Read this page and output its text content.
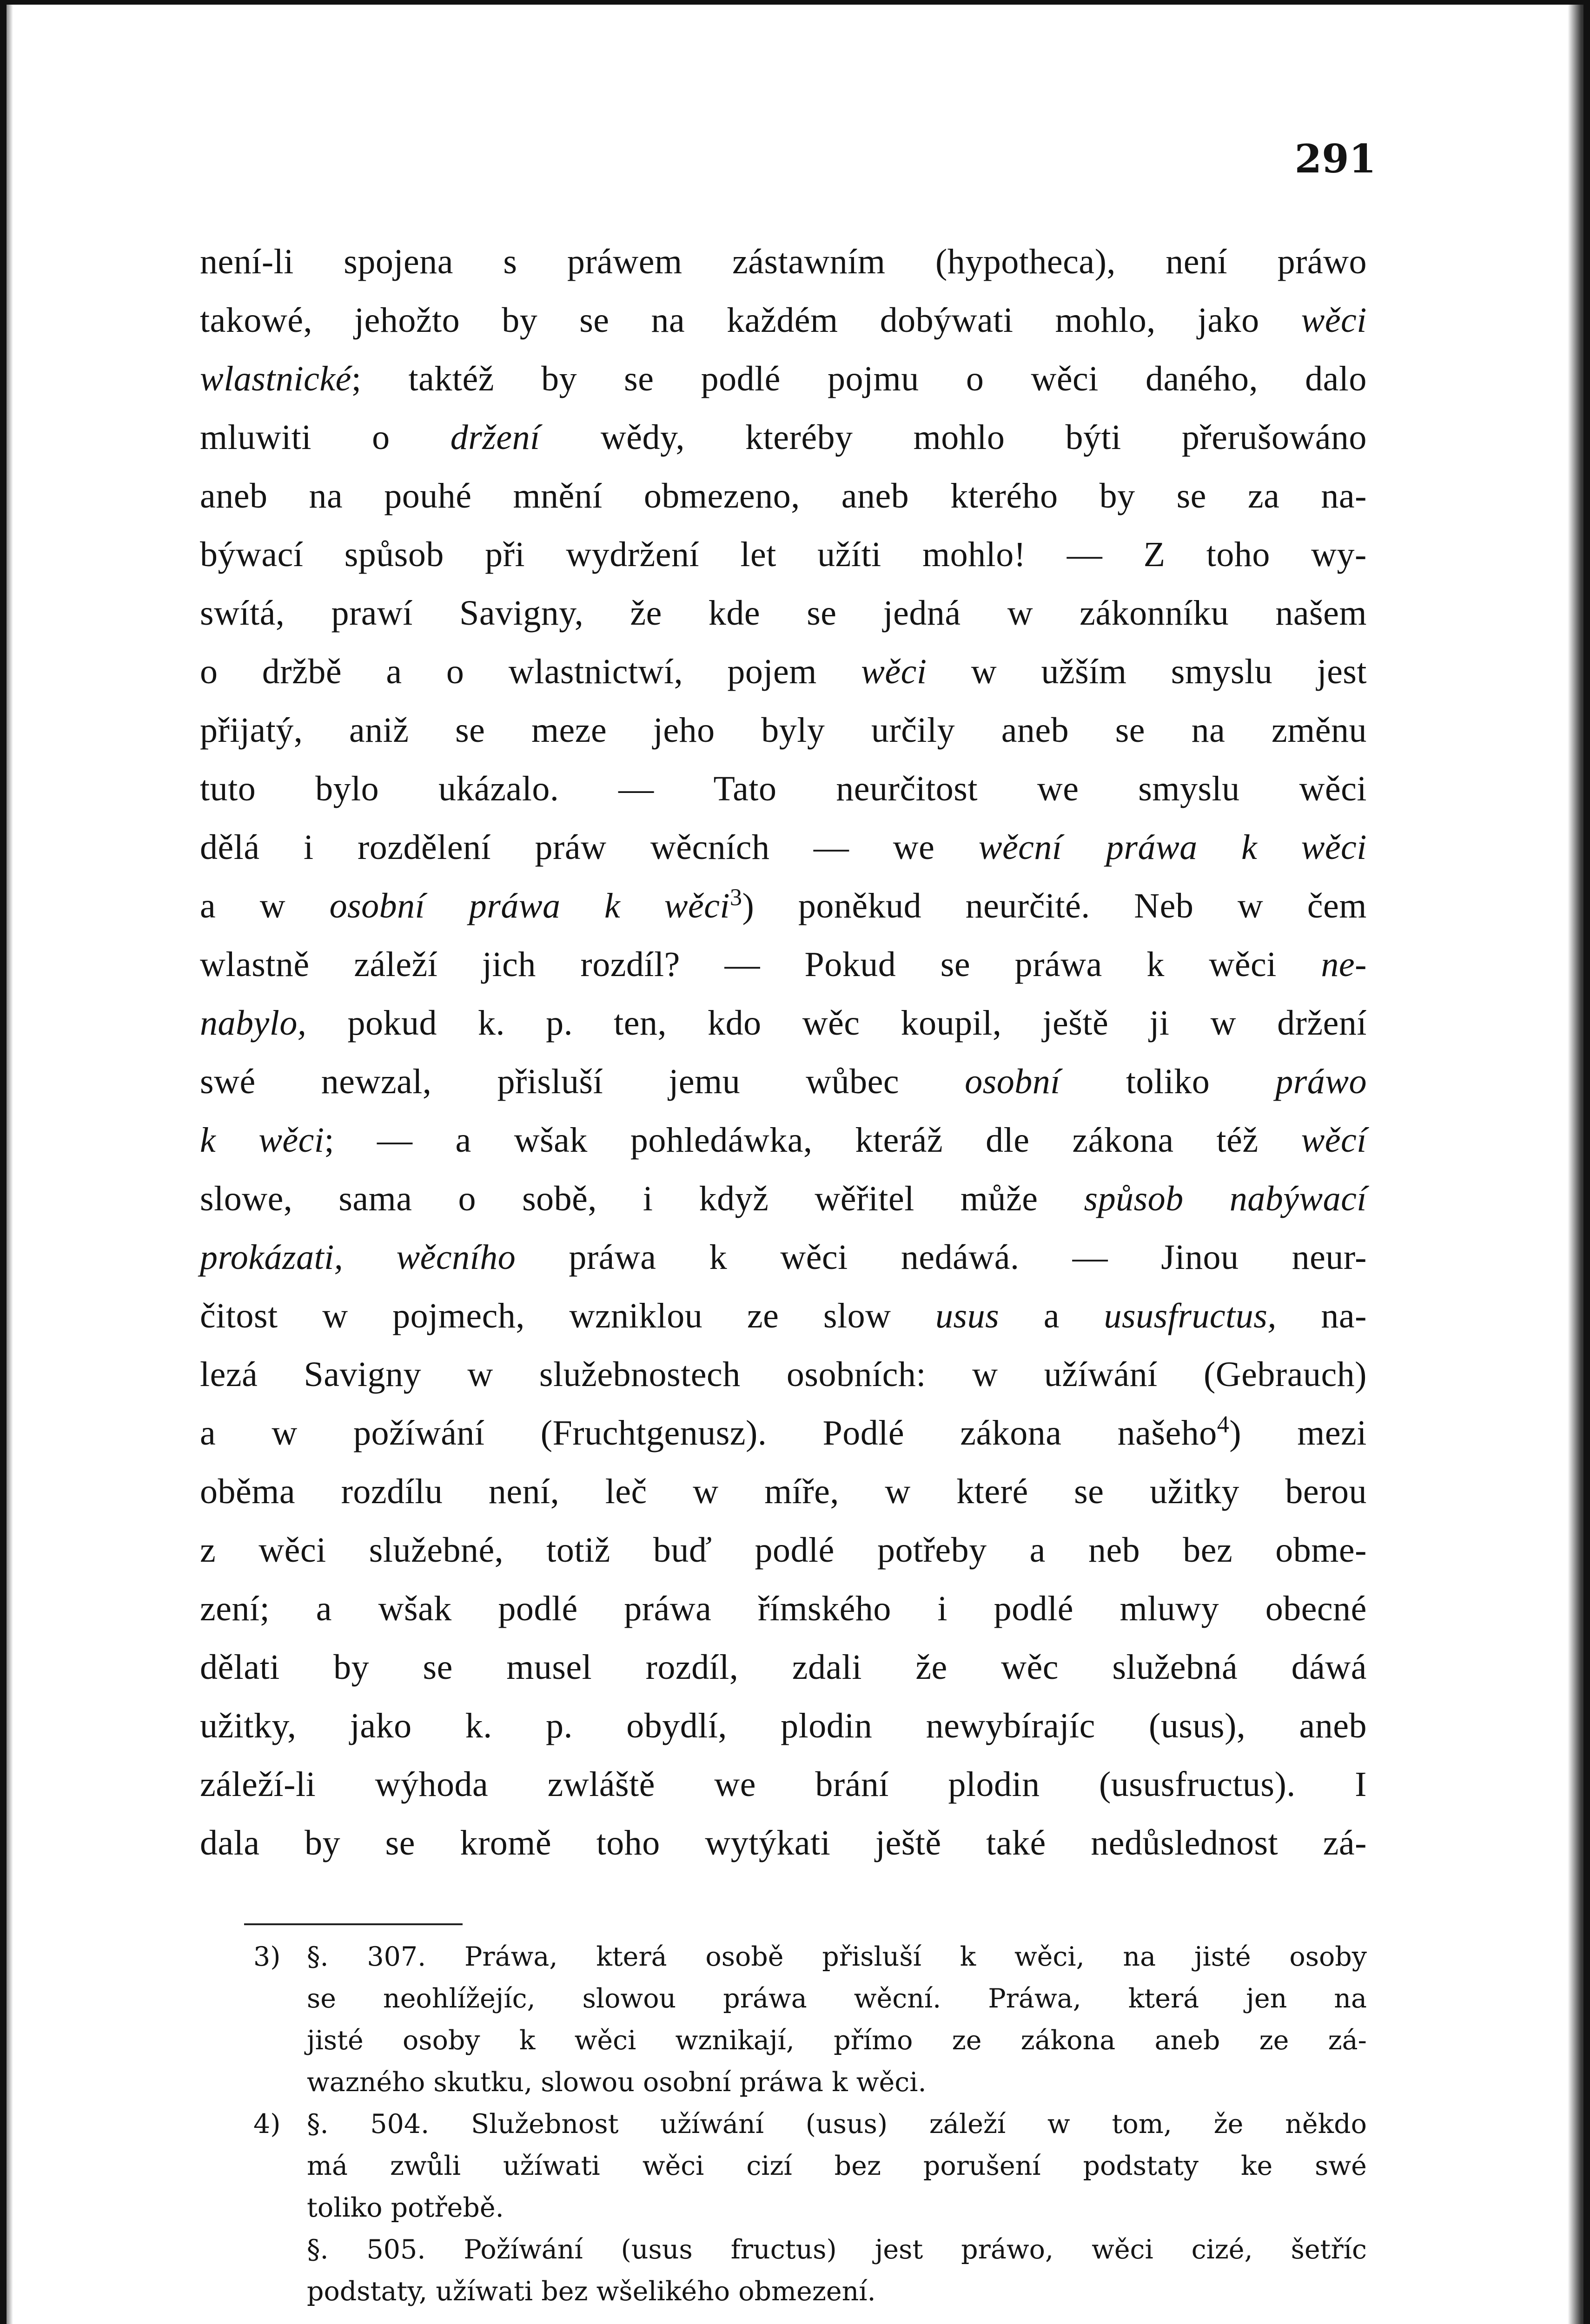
291
není-li spojena s práwem zástawním (hypotheca), není práwo
takowé, jehožto by se na každém dobýwati mohlo, jako wěci
wlastnické; taktéž by se podlé pojmu o wěci daného, dalo
mluwiti o držení wědy, kteréby mohlo býti přerušowáno
aneb na pouhé mnění obmezeno, aneb kterého by se za na-
býwací spůsob při wydržení let užíti mohlo! — Z toho wy-
swítá, prawí Savigny, že kde se jedná w zákonníku našem
o držbě a o wlastnictwí, pojem wěci w užším smyslu jest
přijatý, aniž se meze jeho byly určily aneb se na změnu
tuto bylo ukázalo. — Tato neurčitost we smyslu wěci
dělá i rozdělení práw wěcních — we wěcní práwa k wěci
a w osobní práwa k wěci$^3$) poněkud neurčité. Neb w čem
wlastně záleží jich rozdíl? — Pokud se práwa k wěci ne-
nabylo, pokud k. p. ten, kdo wěc koupil, ještě ji w držení
swé newzal, přisluší jemu wůbec osobní toliko práwo
k wěci; — a wšak pohledáwka, kteráž dle zákona též wěcí
slowe, sama o sobě, i když wěřitel může spůsob nabýwací
prokázati, wěcního práwa k wěci nedáwá. — Jinou neur-
čitost w pojmech, wzniklou ze slow usus a ususfructus, na-
lezá Savigny w služebnostech osobních: w užíwání (Gebrauch)
a w požíwání (Fruchtgenusz). Podlé zákona našeho$^4$) mezi
oběma rozdílu není, leč w míře, w které se užitky berou
z wěci služebné, totiž buď podlé potřeby a neb bez obme-
zení; a wšak podlé práwa římského i podlé mluwy obecné
dělati by se musel rozdíl, zdali že wěc služebná dáwá
užitky, jako k. p. obydlí, plodin newybírajíc (usus), aneb
záleží-li wýhoda zwláště we brání plodin (ususfructus). I
dala by se kromě toho wytýkati ještě také nedůslednost zá-
3) §. 307. Práwa, která osobě přisluší k wěci, na jisté osoby
se neohlížejíc, slowou práwa wěcní. Práwa, která jen na
jisté osoby k wěci wznikají, přímo ze zákona aneb ze zá-
wazného skutku, slowou osobní práwa k wěci.
4) §. 504. Služebnost užíwání (usus) záleží w tom, že někdo
má zwůli užíwati wěci cizí bez porušení podstaty ke swé
toliko potřebě.
§. 505. Požíwání (usus fructus) jest práwo, wěci cizé, šetříc
podstaty, užíwati bez wšelikého obmezení.
